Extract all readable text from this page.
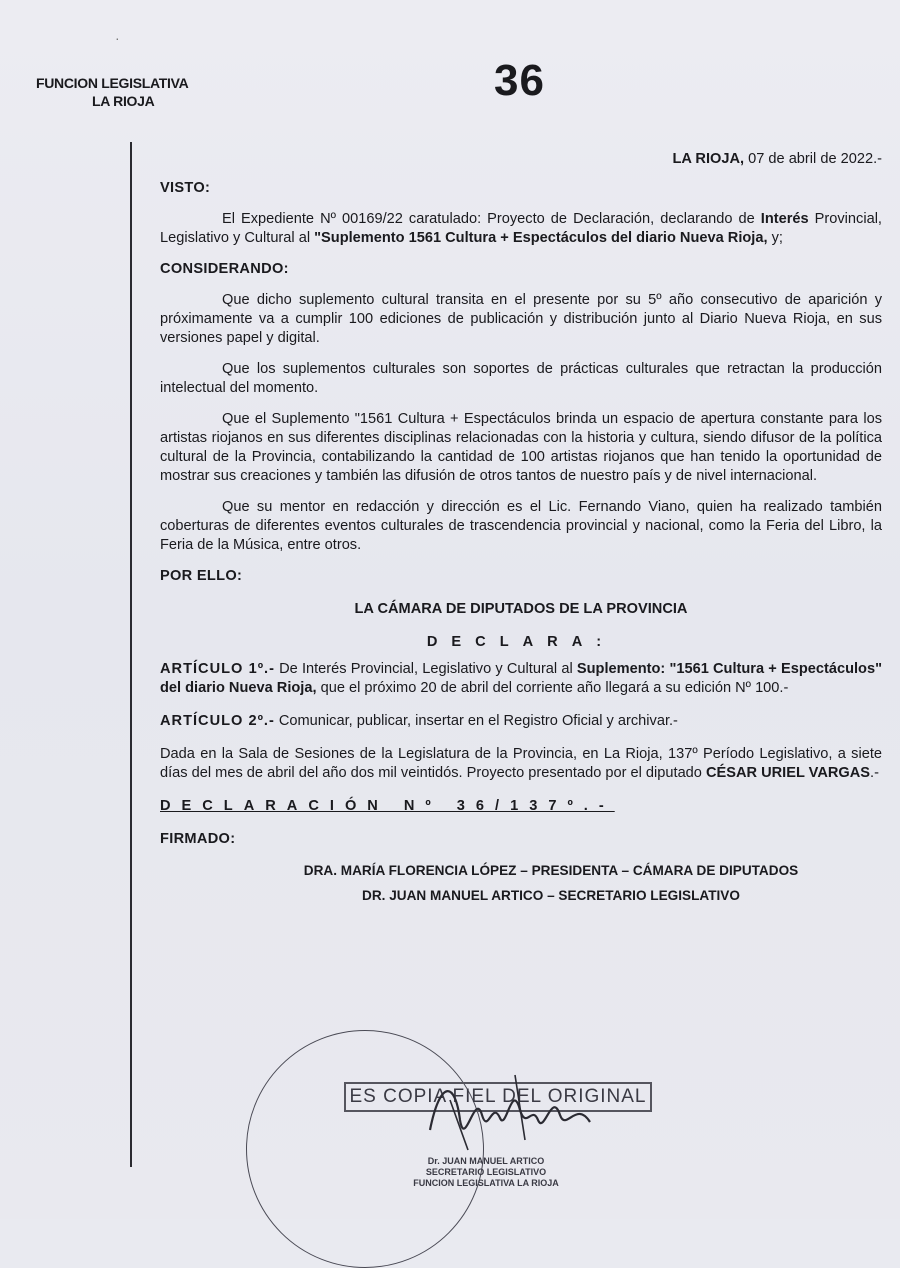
·
FUNCION LEGISLATIVA
LA RIOJA	36
LA RIOJA, 07 de abril de 2022.-
VISTO:

El Expediente Nº 00169/22 caratulado: Proyecto de Declaración, declarando de Interés Provincial, Legislativo y Cultural al "Suplemento 1561 Cultura + Espectáculos del diario Nueva Rioja, y;

CONSIDERANDO:

Que dicho suplemento cultural transita en el presente por su 5º año consecutivo de aparición y próximamente va a cumplir 100 ediciones de publicación y distribución junto al Diario Nueva Rioja, en sus versiones papel y digital.

Que los suplementos culturales son soportes de prácticas culturales que retractan la producción intelectual del momento.

Que el Suplemento "1561 Cultura + Espectáculos brinda un espacio de apertura constante para los artistas riojanos en sus diferentes disciplinas relacionadas con la historia y cultura, siendo difusor de la política cultural de la Provincia, contabilizando la cantidad de 100 artistas riojanos que han tenido la oportunidad de mostrar sus creaciones y también las difusión de otros tantos de nuestro país y de nivel internacional.

Que su mentor en redacción y dirección es el Lic. Fernando Viano, quien ha realizado también coberturas de diferentes eventos culturales de trascendencia provincial y nacional, como la Feria del Libro, la Feria de la Música, entre otros.

POR ELLO:
LA CÁMARA DE DIPUTADOS DE LA PROVINCIA
DECLARA:

ARTÍCULO 1º.- De Interés Provincial, Legislativo y Cultural al Suplemento: "1561 Cultura + Espectáculos" del diario Nueva Rioja, que el próximo 20 de abril del corriente año llegará a su edición Nº 100.-

ARTÍCULO 2º.- Comunicar, publicar, insertar en el Registro Oficial y archivar.-

Dada en la Sala de Sesiones de la Legislatura de la Provincia, en La Rioja, 137º Período Legislativo, a siete días del mes de abril del año dos mil veintidós. Proyecto presentado por el diputado CÉSAR URIEL VARGAS.-

DECLARACIÓN Nº 36/137º.-
FIRMADO:
DRA. MARÍA FLORENCIA LÓPEZ – PRESIDENTA – CÁMARA DE DIPUTADOS
DR. JUAN MANUEL ARTICO – SECRETARIO LEGISLATIVO
ES COPIA FIEL DEL ORIGINAL
Dr. JUAN MANUEL ARTICO
SECRETARIO LEGISLATIVO
FUNCION LEGISLATIVA LA RIOJA
